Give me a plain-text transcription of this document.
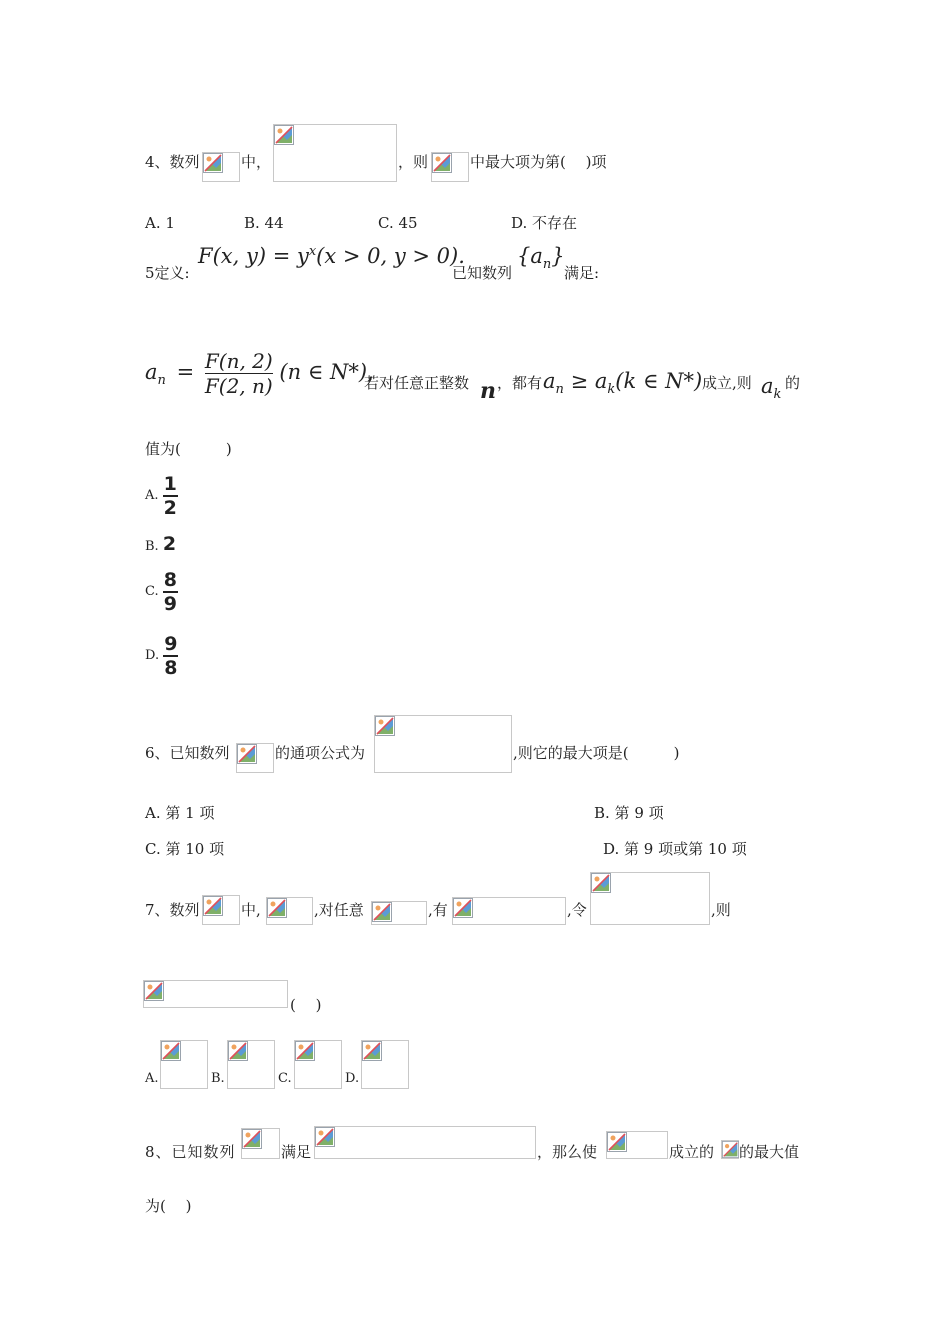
4、数列	中，	，则	中最大项为第(　 )项
A. 1	B. 44	C. 45	D. 不存在
5定义:
F(x, $y) = y^x(x > 0$, y > 0).
已知数列
$\{a_n\}$
满足:
$a_n = \frac{F(n, 2)}{F(2, n)} (n$ ∈ N*),
若对任意正整数 n ，都有 $a_n \ge a_k(k$ ∈ N*) 成立,则 $a_k$
的
值为(　　　)
A. $\frac{1}{2}$
B. 2
C. $\frac{8}{9}$
D. $\frac{9}{8}$
6、已知数列	的通项公式为	,则它的最大项是(　　　)
A. 第 1 项	B. 第 9 项
C. 第 10 项	D. 第 9 项或第 10 项
7、数列	中,	,对任意	,有	,令	,则
(　 )
A.	B.	C.	D.
8、已知数列	满足	，那么使	成立的 的最大值
为(　 )
